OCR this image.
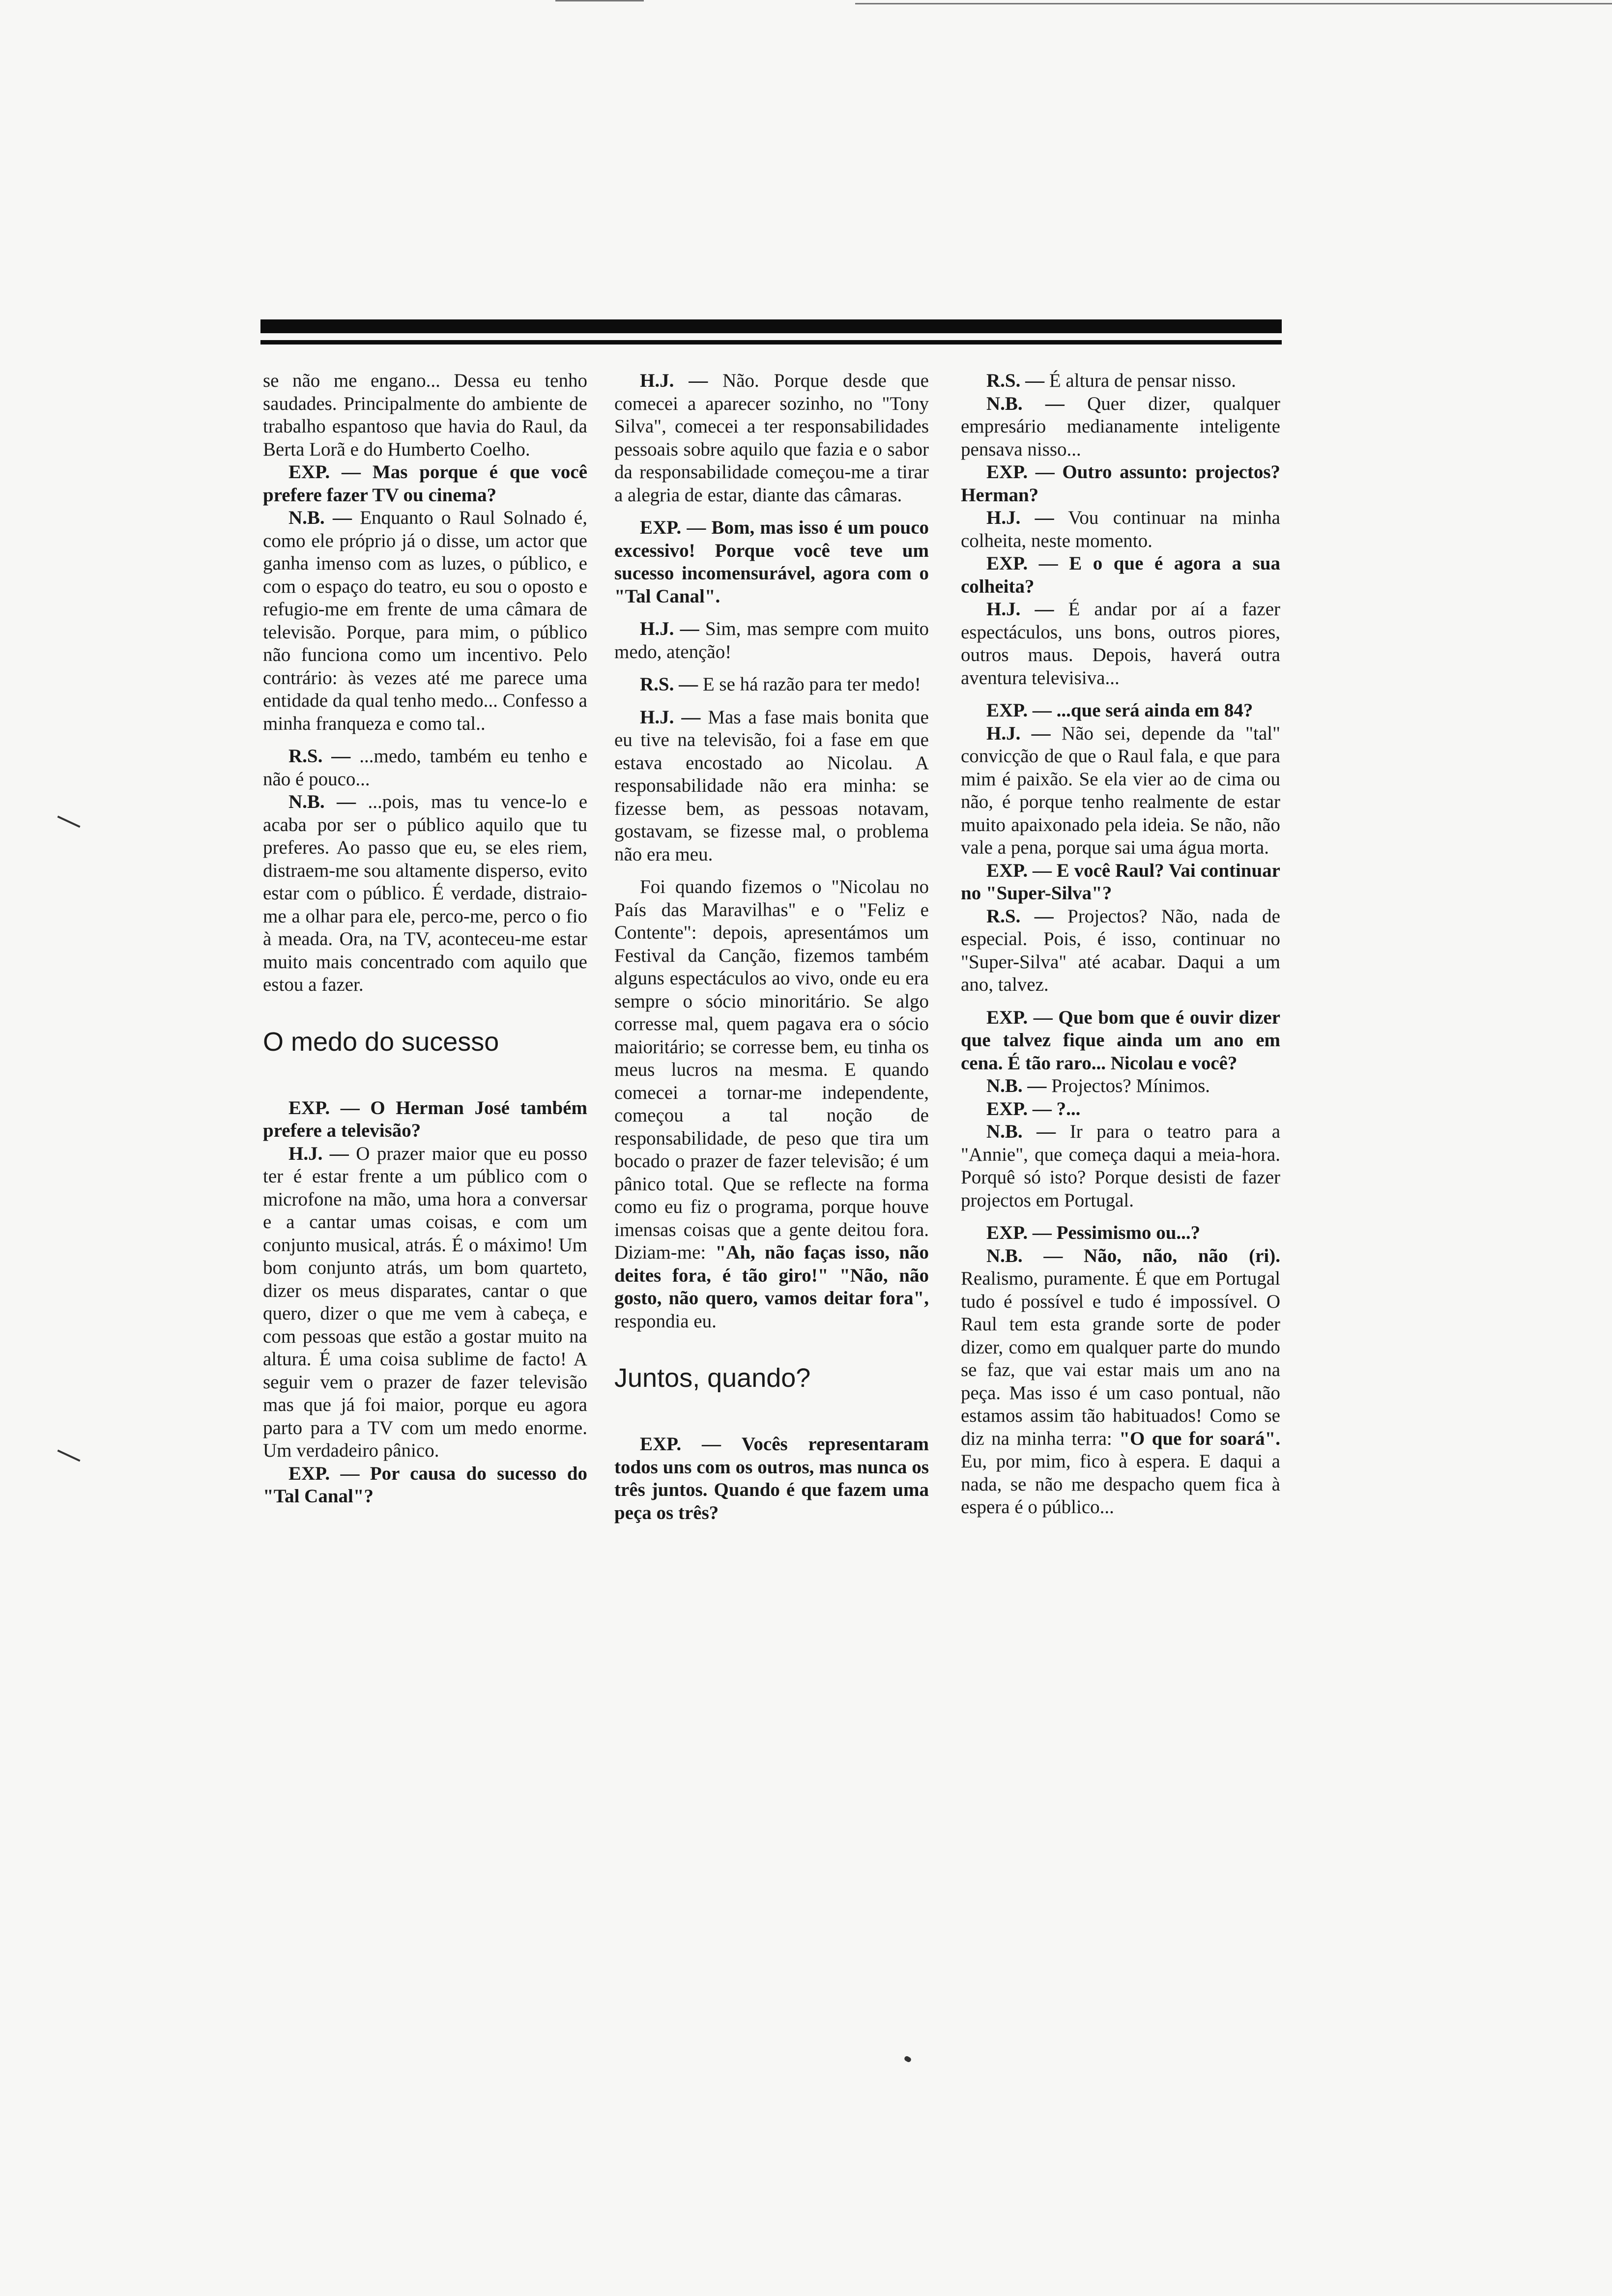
se não me engano... Dessa eu tenho saudades. Principalmente do ambiente de trabalho espantoso que havia do Raul, da Berta Lorã e do Humberto Coelho.

EXP. — Mas porque é que você prefere fazer TV ou cinema?

N.B. — Enquanto o Raul Solnado é, como ele próprio já o disse, um actor que ganha imenso com as luzes, o público, e com o espaço do teatro, eu sou o oposto e refugio-me em frente de uma câmara de televisão. Porque, para mim, o público não funciona como um incentivo. Pelo contrário: às vezes até me parece uma entidade da qual tenho medo... Confesso a minha franqueza e como tal..

R.S. — ...medo, também eu tenho e não é pouco...

N.B. — ...pois, mas tu vence-lo e acaba por ser o público aquilo que tu preferes. Ao passo que eu, se eles riem, distraem-me sou altamente disperso, evito estar com o público. É verdade, distraio-me a olhar para ele, perco-me, perco o fio à meada. Ora, na TV, aconteceu-me estar muito mais concentrado com aquilo que estou a fazer.

O medo do sucesso

EXP. — O Herman José também prefere a televisão?

H.J. — O prazer maior que eu posso ter é estar frente a um público com o microfone na mão, uma hora a conversar e a cantar umas coisas, e com um conjunto musical, atrás. É o máximo! Um bom conjunto atrás, um bom quarteto, dizer os meus disparates, cantar o que quero, dizer o que me vem à cabeça, e com pessoas que estão a gostar muito na altura. É uma coisa sublime de facto! A seguir vem o prazer de fazer televisão mas que já foi maior, porque eu agora parto para a TV com um medo enorme. Um verdadeiro pânico.

EXP. — Por causa do sucesso do "Tal Canal"?

H.J. — Não. Porque desde que comecei a aparecer sozinho, no "Tony Silva", comecei a ter responsabilidades pessoais sobre aquilo que fazia e o sabor da responsabilidade começou-me a tirar a alegria de estar, diante das câmaras.

EXP. — Bom, mas isso é um pouco excessivo! Porque você teve um sucesso incomensurável, agora com o "Tal Canal".

H.J. — Sim, mas sempre com muito medo, atenção!

R.S. — E se há razão para ter medo!

H.J. — Mas a fase mais bonita que eu tive na televisão, foi a fase em que estava encostado ao Nicolau. A responsabilidade não era minha: se fizesse bem, as pessoas notavam, gostavam, se fizesse mal, o problema não era meu.

Foi quando fizemos o "Nicolau no País das Maravilhas" e o "Feliz e Contente": depois, apresentámos um Festival da Canção, fizemos também alguns espectáculos ao vivo, onde eu era sempre o sócio minoritário. Se algo corresse mal, quem pagava era o sócio maioritário; se corresse bem, eu tinha os meus lucros na mesma. E quando comecei a tornar-me independente, começou a tal noção de responsabilidade, de peso que tira um bocado o prazer de fazer televisão; é um pânico total. Que se reflecte na forma como eu fiz o programa, porque houve imensas coisas que a gente deitou fora. Diziam-me: "Ah, não faças isso, não deites fora, é tão giro!" "Não, não gosto, não quero, vamos deitar fora", respondia eu.

Juntos, quando?

EXP. — Vocês representaram todos uns com os outros, mas nunca os três juntos. Quando é que fazem uma peça os três?

R.S. — É altura de pensar nisso.

N.B. — Quer dizer, qualquer empresário medianamente inteligente pensava nisso...

EXP. — Outro assunto: projectos? Herman?

H.J. — Vou continuar na minha colheita, neste momento.

EXP. — E o que é agora a sua colheita?

H.J. — É andar por aí a fazer espectáculos, uns bons, outros piores, outros maus. Depois, haverá outra aventura televisiva...

EXP. — ...que será ainda em 84?

H.J. — Não sei, depende da "tal" convicção de que o Raul fala, e que para mim é paixão. Se ela vier ao de cima ou não, é porque tenho realmente de estar muito apaixonado pela ideia. Se não, não vale a pena, porque sai uma água morta.

EXP. — E você Raul? Vai continuar no "Super-Silva"?

R.S. — Projectos? Não, nada de especial. Pois, é isso, continuar no "Super-Silva" até acabar. Daqui a um ano, talvez.

EXP. — Que bom que é ouvir dizer que talvez fique ainda um ano em cena. É tão raro... Nicolau e você?

N.B. — Projectos? Mínimos.

EXP. — ?...

N.B. — Ir para o teatro para a "Annie", que começa daqui a meia-hora. Porquê só isto? Porque desisti de fazer projectos em Portugal.

EXP. — Pessimismo ou...?

N.B. — Não, não, não (ri). Realismo, puramente. É que em Portugal tudo é possível e tudo é impossível. O Raul tem esta grande sorte de poder dizer, como em qualquer parte do mundo se faz, que vai estar mais um ano na peça. Mas isso é um caso pontual, não estamos assim tão habituados! Como se diz na minha terra: "O que for soará". Eu, por mim, fico à espera. E daqui a nada, se não me despacho quem fica à espera é o público...
